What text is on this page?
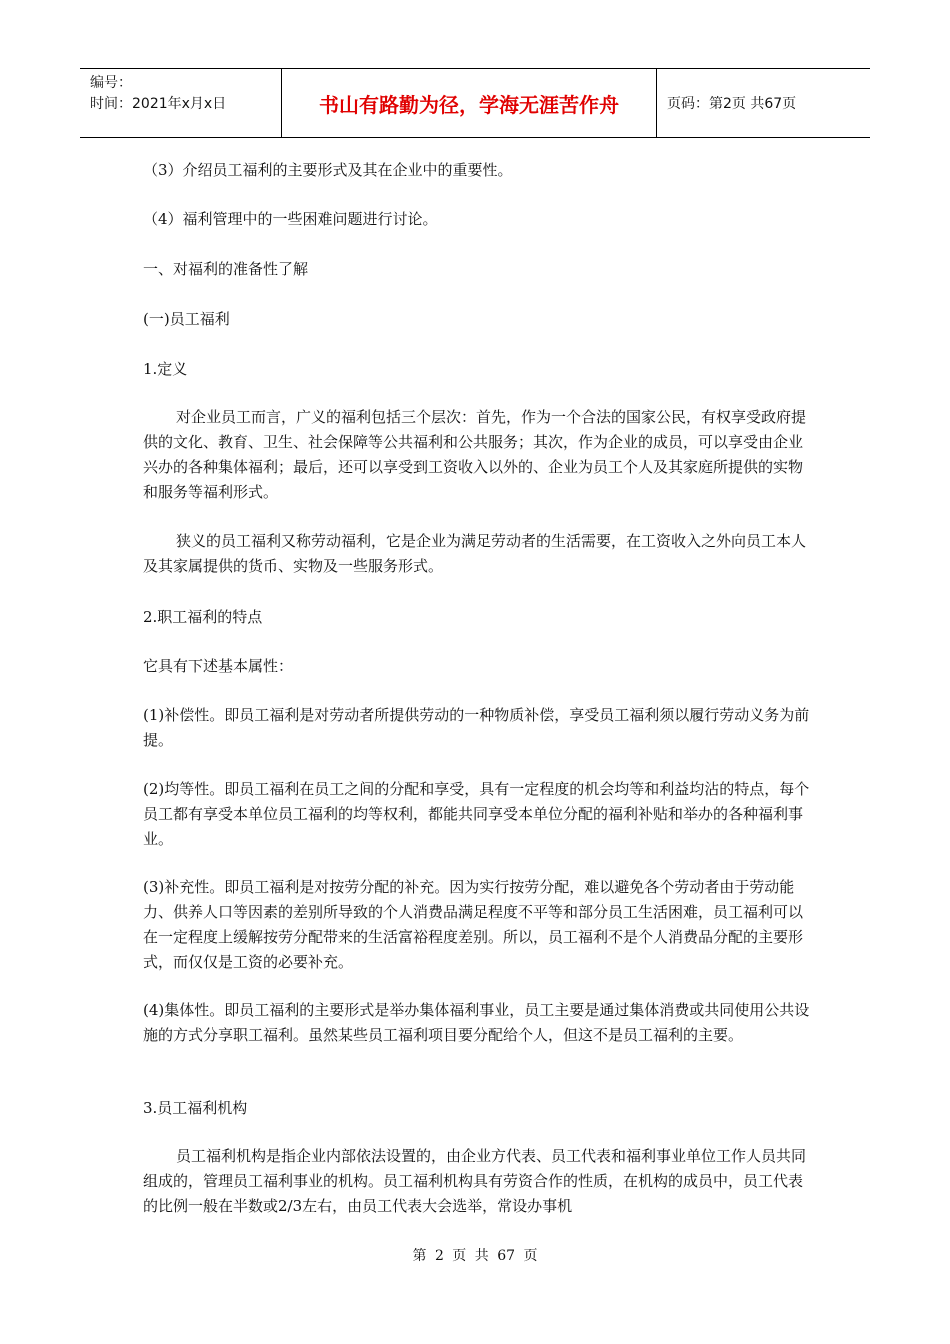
编号：
时间：2021年x月x日	书山有路勤为径，学海无涯苦作舟	页码：第2页 共67页

（3）介绍员工福利的主要形式及其在企业中的重要性。

（4）福利管理中的一些困难问题进行讨论。

一、对福利的准备性了解

(一)员工福利

1.定义

对企业员工而言，广义的福利包括三个层次：首先，作为一个合法的国家公民，有权享受政府提供的文化、教育、卫生、社会保障等公共福利和公共服务；其次，作为企业的成员，可以享受由企业兴办的各种集体福利；最后，还可以享受到工资收入以外的、企业为员工个人及其家庭所提供的实物和服务等福利形式。

狭义的员工福利又称劳动福利，它是企业为满足劳动者的生活需要，在工资收入之外向员工本人及其家属提供的货币、实物及一些服务形式。

2.职工福利的特点

它具有下述基本属性：

(1)补偿性。即员工福利是对劳动者所提供劳动的一种物质补偿，享受员工福利须以履行劳动义务为前提。

(2)均等性。即员工福利在员工之间的分配和享受，具有一定程度的机会均等和利益均沾的特点，每个员工都有享受本单位员工福利的均等权利，都能共同享受本单位分配的福利补贴和举办的各种福利事业。

(3)补充性。即员工福利是对按劳分配的补充。因为实行按劳分配，难以避免各个劳动者由于劳动能力、供养人口等因素的差别所导致的个人消费品满足程度不平等和部分员工生活困难，员工福利可以在一定程度上缓解按劳分配带来的生活富裕程度差别。所以，员工福利不是个人消费品分配的主要形式，而仅仅是工资的必要补充。

(4)集体性。即员工福利的主要形式是举办集体福利事业，员工主要是通过集体消费或共同使用公共设施的方式分享职工福利。虽然某些员工福利项目要分配给个人，但这不是员工福利的主要。

3.员工福利机构

员工福利机构是指企业内部依法设置的，由企业方代表、员工代表和福利事业单位工作人员共同组成的，管理员工福利事业的机构。员工福利机构具有劳资合作的性质，在机构的成员中，员工代表的比例一般在半数或2/3左右，由员工代表大会选举，常设办事机

第 2 页 共 67 页
